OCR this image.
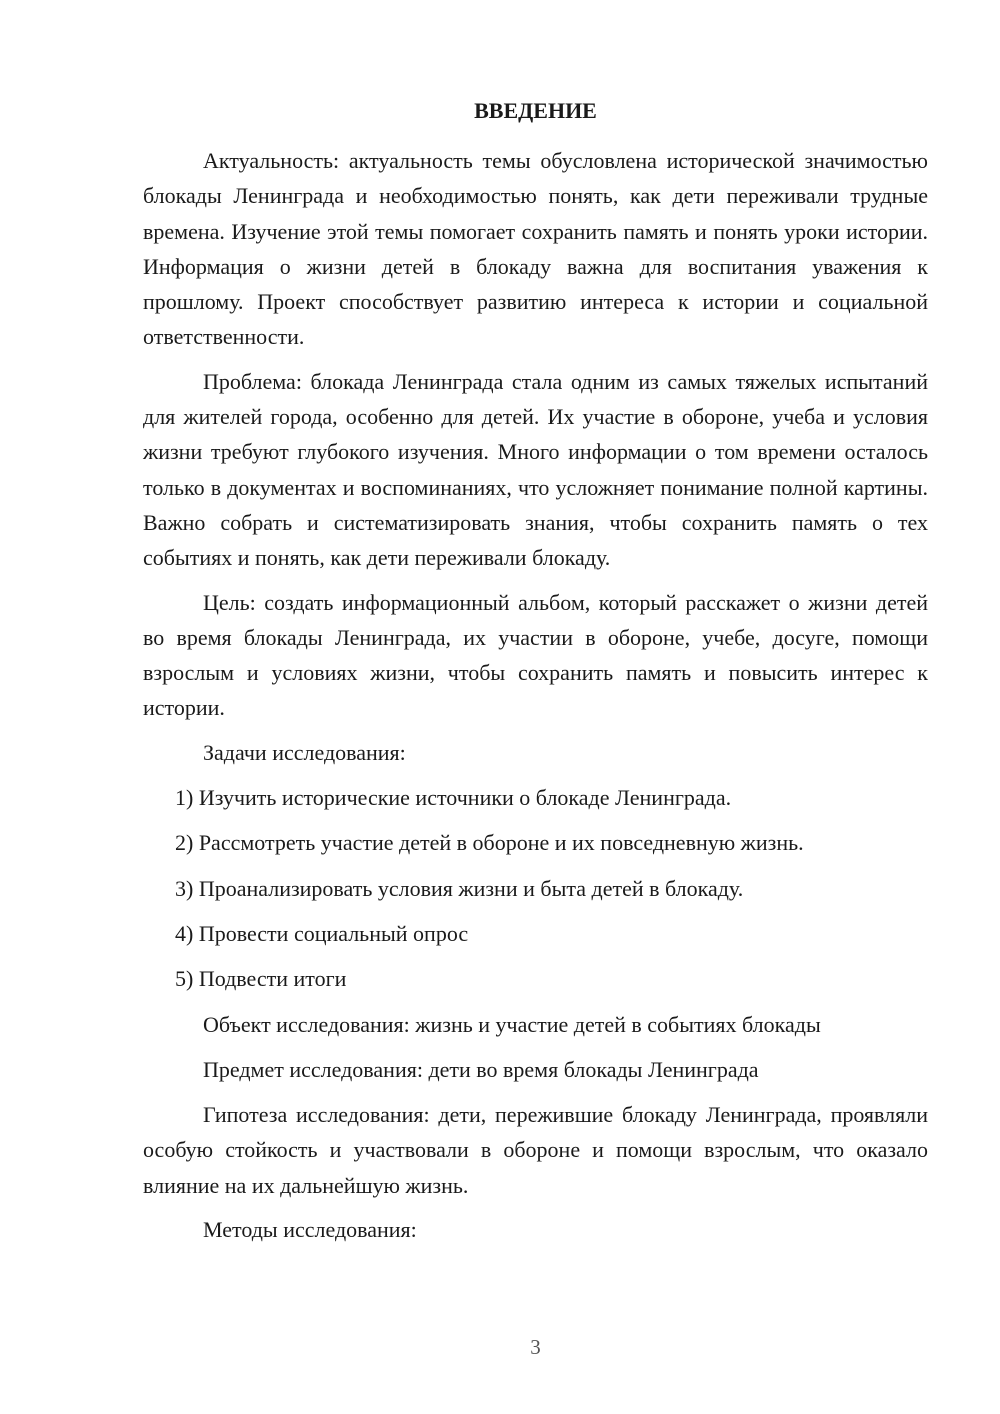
ВВЕДЕНИЕ

Актуальность: актуальность темы обусловлена исторической значимостью блокады Ленинграда и необходимостью понять, как дети переживали трудные времена. Изучение этой темы помогает сохранить память и понять уроки истории. Информация о жизни детей в блокаду важна для воспитания уважения к прошлому. Проект способствует развитию интереса к истории и социальной ответственности.

Проблема: блокада Ленинграда стала одним из самых тяжелых испытаний для жителей города, особенно для детей. Их участие в обороне, учеба и условия жизни требуют глубокого изучения. Много информации о том времени осталось только в документах и воспоминаниях, что усложняет понимание полной картины. Важно собрать и систематизировать знания, чтобы сохранить память о тех событиях и понять, как дети переживали блокаду.

Цель: создать информационный альбом, который расскажет о жизни детей во время блокады Ленинграда, их участии в обороне, учебе, досуге, помощи взрослым и условиях жизни, чтобы сохранить память и повысить интерес к истории.

Задачи исследования:

1) Изучить исторические источники о блокаде Ленинграда.

2) Рассмотреть участие детей в обороне и их повседневную жизнь.

3) Проанализировать условия жизни и быта детей в блокаду.

4) Провести социальный опрос

5) Подвести итоги

Объект исследования: жизнь и участие детей в событиях блокады

Предмет исследования: дети во время блокады Ленинграда

Гипотеза исследования: дети, пережившие блокаду Ленинграда, проявляли особую стойкость и участвовали в обороне и помощи взрослым, что оказало влияние на их дальнейшую жизнь.

Методы исследования:

3
